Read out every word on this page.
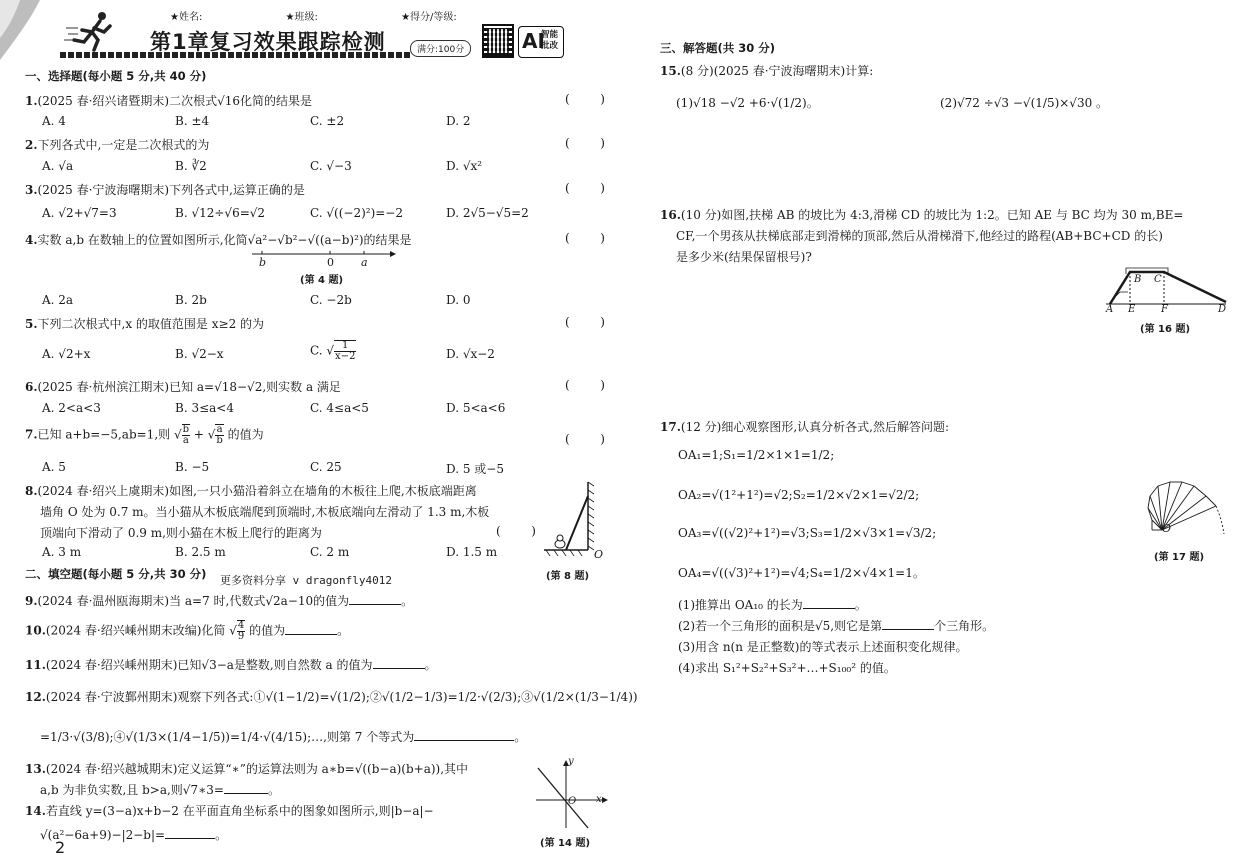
★姓名:	★班级:	★得分/等级:
第1章复习效果跟踪检测	满分:100分	AI
智能批改
一、选择题(每小题 5 分,共 40 分)
1.(2025 春·绍兴诸暨期末)二次根式√16化简的结果是	(        )
A. 4	B. ±4	C. ±2	D. 2
2.下列各式中,一定是二次根式的为	(        )
A. √a	B. ∛2	C. √−3	D. √x²
3.(2025 春·宁波海曙期末)下列各式中,运算正确的是	(        )
A. √2+√7=3	B. √12÷√6=√2	C. √((−2)²)=−2	D. 2√5−√5=2
4.实数 a,b 在数轴上的位置如图所示,化简√a²−√b²−√((a−b)²)的结果是	(        )
b	0 a
(第 4 题)
A. 2a	B. 2b	C. −2b	D. 0
5.下列二次根式中,x 的取值范围是 x≥2 的为	(        )
A. √2+x	B. √2−x	C. √ $\frac{1}{x-2}$	D. √x−2
6.(2025 春·杭州滨江期末)已知 a=√18−√2,则实数 a 满足	(        )
A. 2<a<3	B. 3≤a<4	C. 4≤a<5	D. 5<a<6
7.已知 a+b=−5,ab=1,则 √ $\frac{b}{a}$ + √ $\frac{a}{b}$ 的值为	(        )
A. 5	B. −5	C. 25	D. 5 或−5
8.(2024 春·绍兴上虞期末)如图,一只小猫沿着斜立在墙角的木板往上爬,木板底端距离
墙角 O 处为 0.7 m。当小猫从木板底端爬到顶端时,木板底端向左滑动了 1.3 m,木板
顶端向下滑动了 0.9 m,则小猫在木板上爬行的距离为	(        )
A. 3 m	B. 2.5 m	C. 2 m	D. 1.5 m	O
(第 8 题)
二、填空题(每小题 5 分,共 30 分) 更多资料分享 v dragonfly4012
9.(2024 春·温州瓯海期末)当 a=7 时,代数式√2a−10的值为	。
10.(2024 春·绍兴嵊州期末改编)化简 √ $\frac{4}{9}$ 的值为	。
11.(2024 春·绍兴嵊州期末)已知√3−a是整数,则自然数 a 的值为	。
12.(2024 春·宁波鄞州期末)观察下列各式:①√(1−1/2)=√(1/2);②√(1/2−1/3)=1/2·√(2/3);③√(1/2×(1/3−1/4))
=1/3·√(3/8);④√(1/3×(1/4−1/5))=1/4·√(4/15);…,则第 7 个等式为	。
13.(2024 春·绍兴越城期末)定义运算“∗”的运算法则为 a∗b=√((b−a)(b+a)),其中
a,b 为非负实数,且 b>a,则√7∗3=	。
14.若直线 y=(3−a)x+b−2 在平面直角坐标系中的图象如图所示,则|b−a|−
√(a²−6a+9)−|2−b|=	。
y
x
O
(第 14 题)
2
三、解答题(共 30 分)
15.(8 分)(2025 春·宁波海曙期末)计算:
(1)√18 −√2 +6·√(1/2)。	(2)√72 ÷√3 −√(1/5)×√30 。
16.(10 分)如图,扶梯 AB 的坡比为 4:3,滑梯 CD 的坡比为 1:2。已知 AE 与 BC 均为 30 m,BE=
CF,一个男孩从扶梯底部走到滑梯的顶部,然后从滑梯滑下,他经过的路程(AB+BC+CD 的长)
是多少米(结果保留根号)?
A E	F	D
B C
(第 16 题)
17.(12 分)细心观察图形,认真分析各式,然后解答问题:
OA₁=1;S₁=1/2×1×1=1/2;
OA₂=√(1²+1²)=√2;S₂=1/2×√2×1=√2/2;
OA₃=√((√2)²+1²)=√3;S₃=1/2×√3×1=√3/2;
OA₄=√((√3)²+1²)=√4;S₄=1/2×√4×1=1。
(1)推算出 OA₁₀ 的长为	。
(2)若一个三角形的面积是√5,则它是第	个三角形。
(3)用含 n(n 是正整数)的等式表示上述面积变化规律。
(4)求出 S₁²+S₂²+S₃²+…+S₁₀₀² 的值。
O
(第 17 题)
